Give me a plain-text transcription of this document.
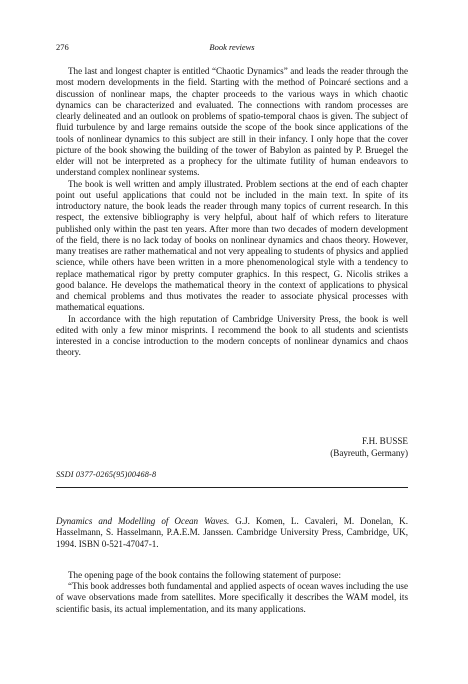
276	Book reviews

The last and longest chapter is entitled “Chaotic Dynamics” and leads the reader through the most modern developments in the field. Starting with the method of Poincaré sections and a discussion of nonlinear maps, the chapter proceeds to the various ways in which chaotic dynamics can be characterized and evaluated. The connections with random processes are clearly delineated and an outlook on problems of spatio-temporal chaos is given. The subject of fluid turbulence by and large remains outside the scope of the book since applications of the tools of nonlinear dynamics to this subject are still in their infancy. I only hope that the cover picture of the book showing the building of the tower of Babylon as painted by P. Bruegel the elder will not be interpreted as a prophecy for the ultimate futility of human endeavors to understand complex nonlinear systems.

The book is well written and amply illustrated. Problem sections at the end of each chapter point out useful applications that could not be included in the main text. In spite of its introductory nature, the book leads the reader through many topics of current research. In this respect, the extensive bibliography is very helpful, about half of which refers to literature published only within the past ten years. After more than two decades of modern development of the field, there is no lack today of books on nonlinear dynamics and chaos theory. However, many treatises are rather mathematical and not very appealing to students of physics and applied science, while others have been written in a more phenomenological style with a tendency to replace mathematical rigor by pretty computer graphics. In this respect, G. Nicolis strikes a good balance. He develops the mathematical theory in the context of applications to physical and chemical problems and thus motivates the reader to associate physical processes with mathematical equations.

In accordance with the high reputation of Cambridge University Press, the book is well edited with only a few minor misprints. I recommend the book to all students and scientists interested in a concise introduction to the modern concepts of nonlinear dynamics and chaos theory.

F.H. BUSSE
(Bayreuth, Germany)
SSDI 0377-0265(95)00468-8

Dynamics and Modelling of Ocean Waves. G.J. Komen, L. Cavaleri, M. Donelan, K. Hasselmann, S. Hasselmann, P.A.E.M. Janssen. Cambridge University Press, Cambridge, UK, 1994. ISBN 0-521-47047-1.

The opening page of the book contains the following statement of purpose:

“This book addresses both fundamental and applied aspects of ocean waves including the use of wave observations made from satellites. More specifically it describes the WAM model, its scientific basis, its actual implementation, and its many applications.
